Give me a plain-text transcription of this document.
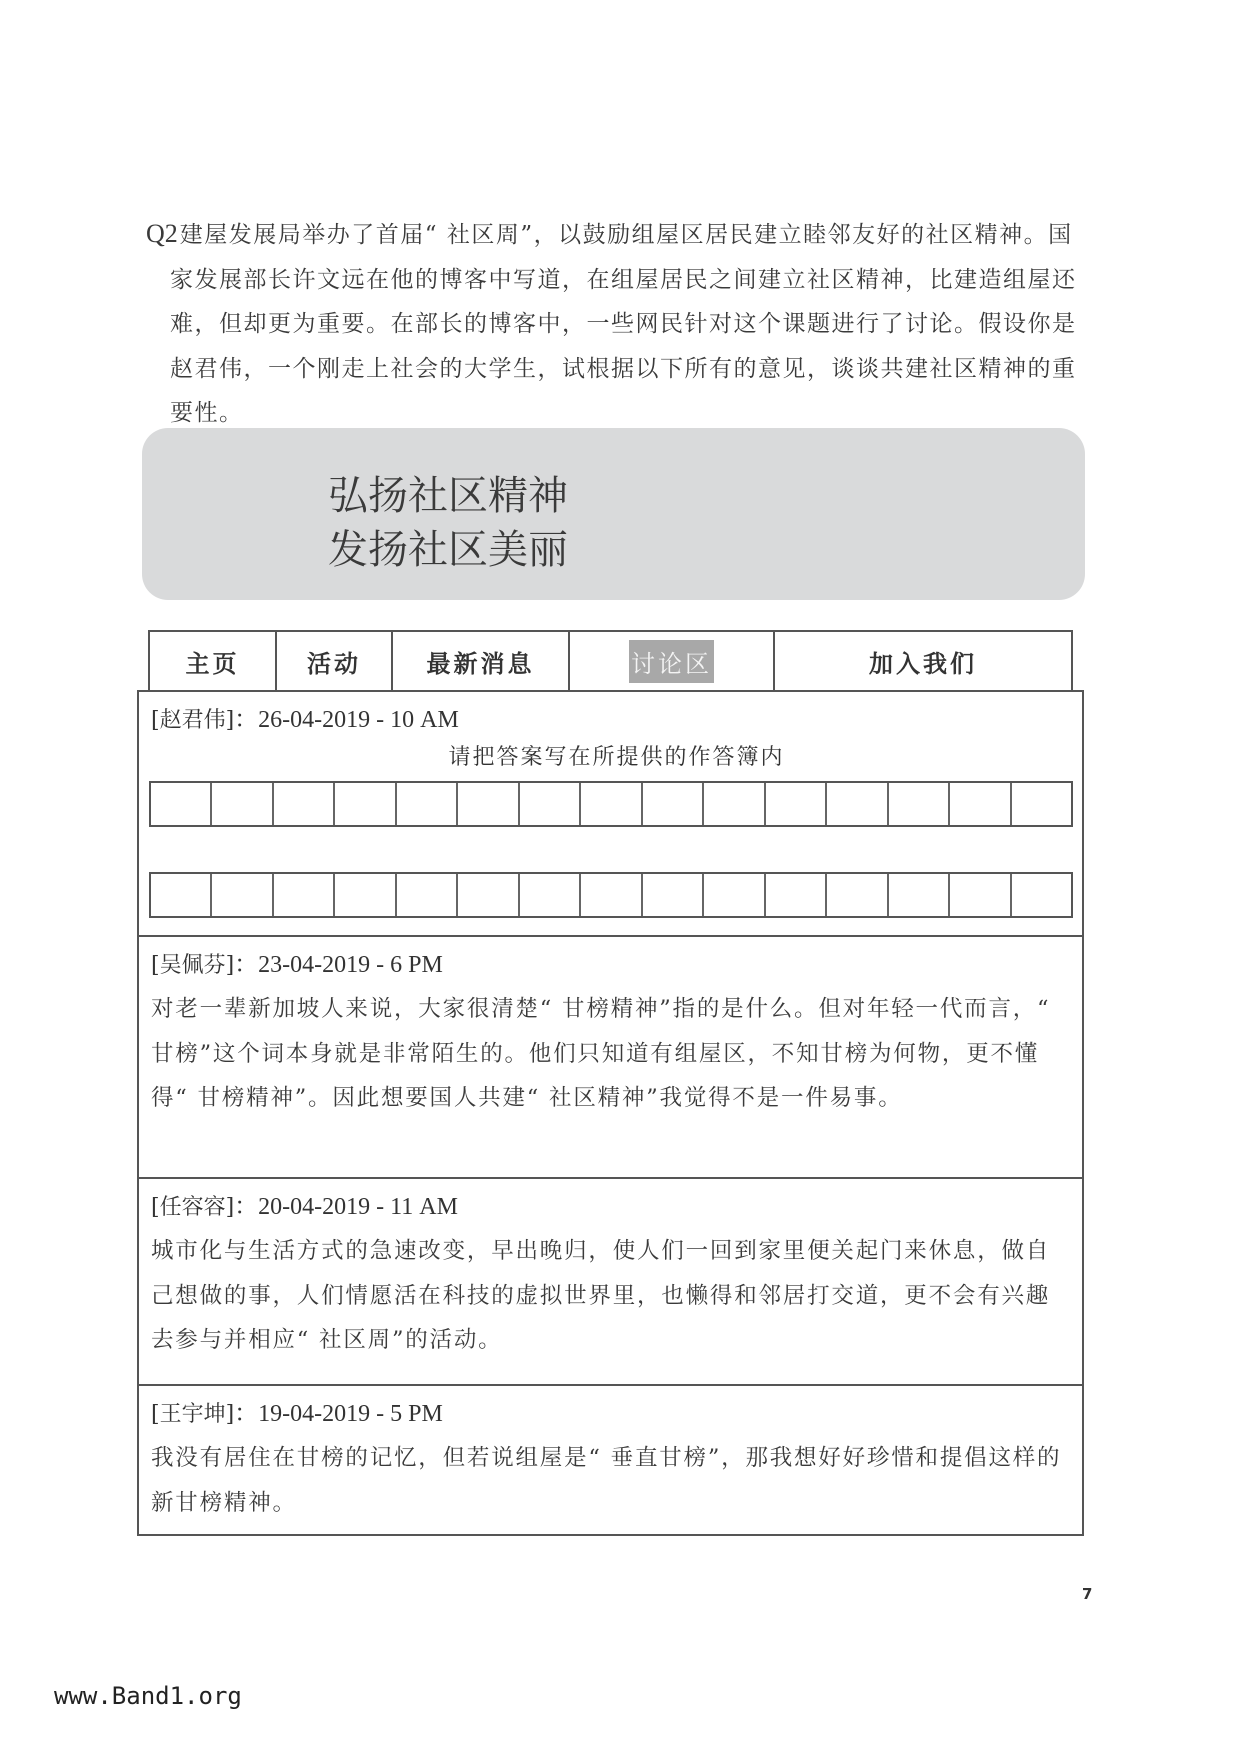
Q2建屋发展局举办了首届“ 社区周”，以鼓励组屋区居民建立睦邻友好的社区精神。国家发展部长许文远在他的博客中写道，在组屋居民之间建立社区精神，比建造组屋还难，但却更为重要。在部长的博客中，一些网民针对这个课题进行了讨论。假设你是赵君伟，一个刚走上社会的大学生，试根据以下所有的意见，谈谈共建社区精神的重要性。
弘扬社区精神
发扬社区美丽
主页	活动	最新消息	讨论区	加入我们
[赵君伟]：26-04-2019 - 10 AM
请把答案写在所提供的作答簿内
[吴佩芬]：23-04-2019 - 6 PM
对老一辈新加坡人来说，大家很清楚“ 甘榜精神”指的是什么。但对年轻一代而言，“ 甘榜”这个词本身就是非常陌生的。他们只知道有组屋区，不知甘榜为何物，更不懂得“ 甘榜精神”。因此想要国人共建“ 社区精神”我觉得不是一件易事。
[任容容]：20-04-2019 - 11 AM
城市化与生活方式的急速改变，早出晚归，使人们一回到家里便关起门来休息，做自己想做的事，人们情愿活在科技的虚拟世界里，也懒得和邻居打交道，更不会有兴趣去参与并相应“ 社区周”的活动。
[王宇坤]：19-04-2019 - 5 PM
我没有居住在甘榜的记忆，但若说组屋是“ 垂直甘榜”，那我想好好珍惜和提倡这样的新甘榜精神。
7
www.Band1.org
